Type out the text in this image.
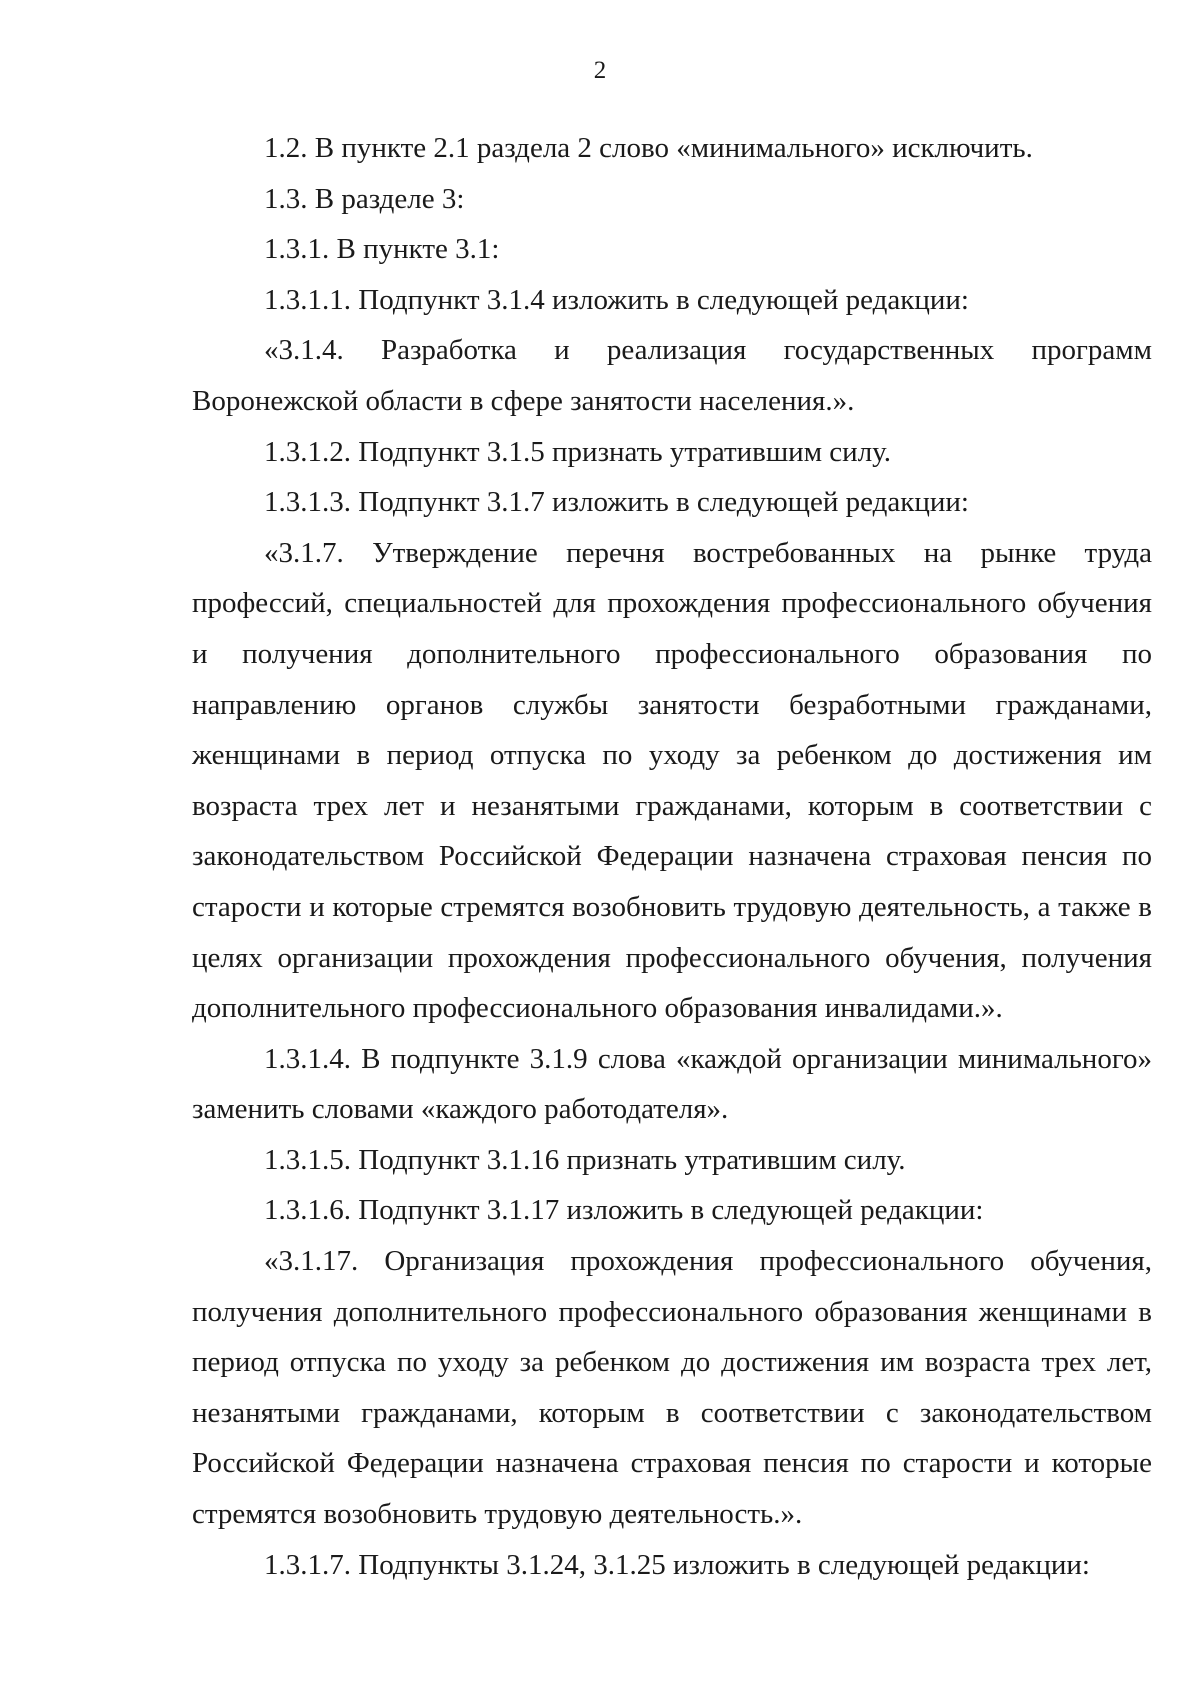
2

1.2. В пункте 2.1 раздела 2 слово «минимального» исключить.

1.3. В разделе 3:

1.3.1. В пункте 3.1:

1.3.1.1. Подпункт 3.1.4 изложить в следующей редакции:

«3.1.4. Разработка и реализация государственных программ Воронежской области в сфере занятости населения.».

1.3.1.2. Подпункт 3.1.5 признать утратившим силу.

1.3.1.3. Подпункт 3.1.7 изложить в следующей редакции:

«3.1.7. Утверждение перечня востребованных на рынке труда профессий, специальностей для прохождения профессионального обучения и получения дополнительного профессионального образования по направлению органов службы занятости безработными гражданами, женщинами в период отпуска по уходу за ребенком до достижения им возраста трех лет и незанятыми гражданами, которым в соответствии с законодательством Российской Федерации назначена страховая пенсия по старости и которые стремятся возобновить трудовую деятельность, а также в целях организации прохождения профессионального обучения, получения дополнительного профессионального образования инвалидами.».

1.3.1.4. В подпункте 3.1.9 слова «каждой организации минимального» заменить словами «каждого работодателя».

1.3.1.5. Подпункт 3.1.16 признать утратившим силу.

1.3.1.6. Подпункт 3.1.17 изложить в следующей редакции:

«3.1.17. Организация прохождения профессионального обучения, получения дополнительного профессионального образования женщинами в период отпуска по уходу за ребенком до достижения им возраста трех лет, незанятыми гражданами, которым в соответствии с законодательством Российской Федерации назначена страховая пенсия по старости и которые стремятся возобновить трудовую деятельность.».

1.3.1.7. Подпункты 3.1.24, 3.1.25 изложить в следующей редакции:
